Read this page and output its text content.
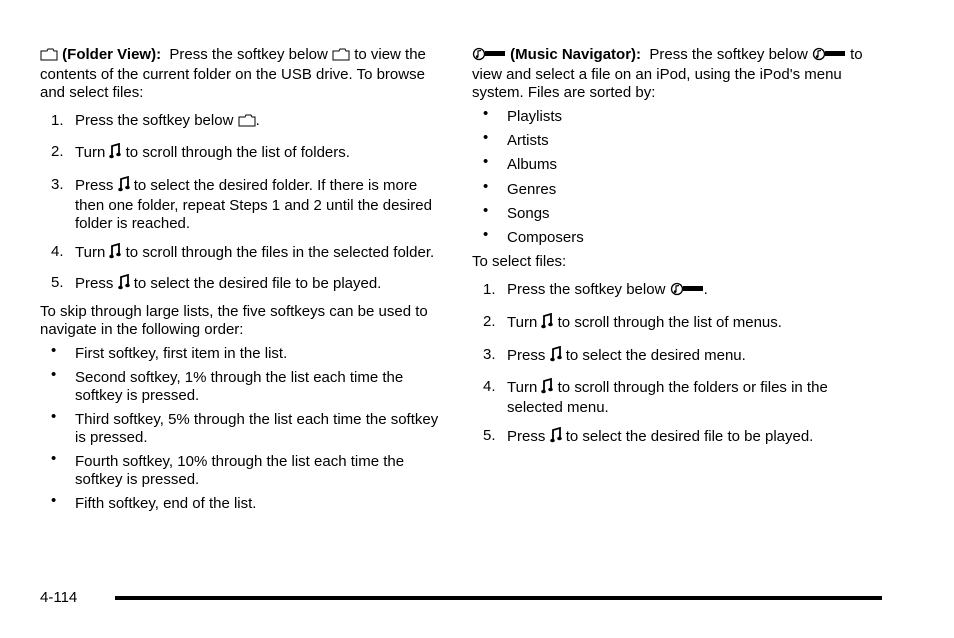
(Folder View): Press the softkey below to view the contents of the current folder on the USB drive. To browse and select files:

1. Press the softkey below .
2. Turn to scroll through the list of folders.
3. Press to select the desired folder. If there is more then one folder, repeat Steps 1 and 2 until the desired folder is reached.
4. Turn to scroll through the files in the selected folder.
5. Press to select the desired file to be played.

To skip through large lists, the five softkeys can be used to navigate in the following order:

• First softkey, first item in the list.
• Second softkey, 1% through the list each time the softkey is pressed.
• Third softkey, 5% through the list each time the softkey is pressed.
• Fourth softkey, 10% through the list each time the softkey is pressed.
• Fifth softkey, end of the list.

(Music Navigator): Press the softkey below	to view and select a file on an iPod, using the iPod's menu system. Files are sorted by:

• Playlists
• Artists
• Albums
• Genres
• Songs
• Composers

To select files:

1. Press the softkey below	.
2. Turn to scroll through the list of menus.
3. Press to select the desired menu.
4. Turn to scroll through the folders or files in the selected menu.
5. Press to select the desired file to be played.
4-114
